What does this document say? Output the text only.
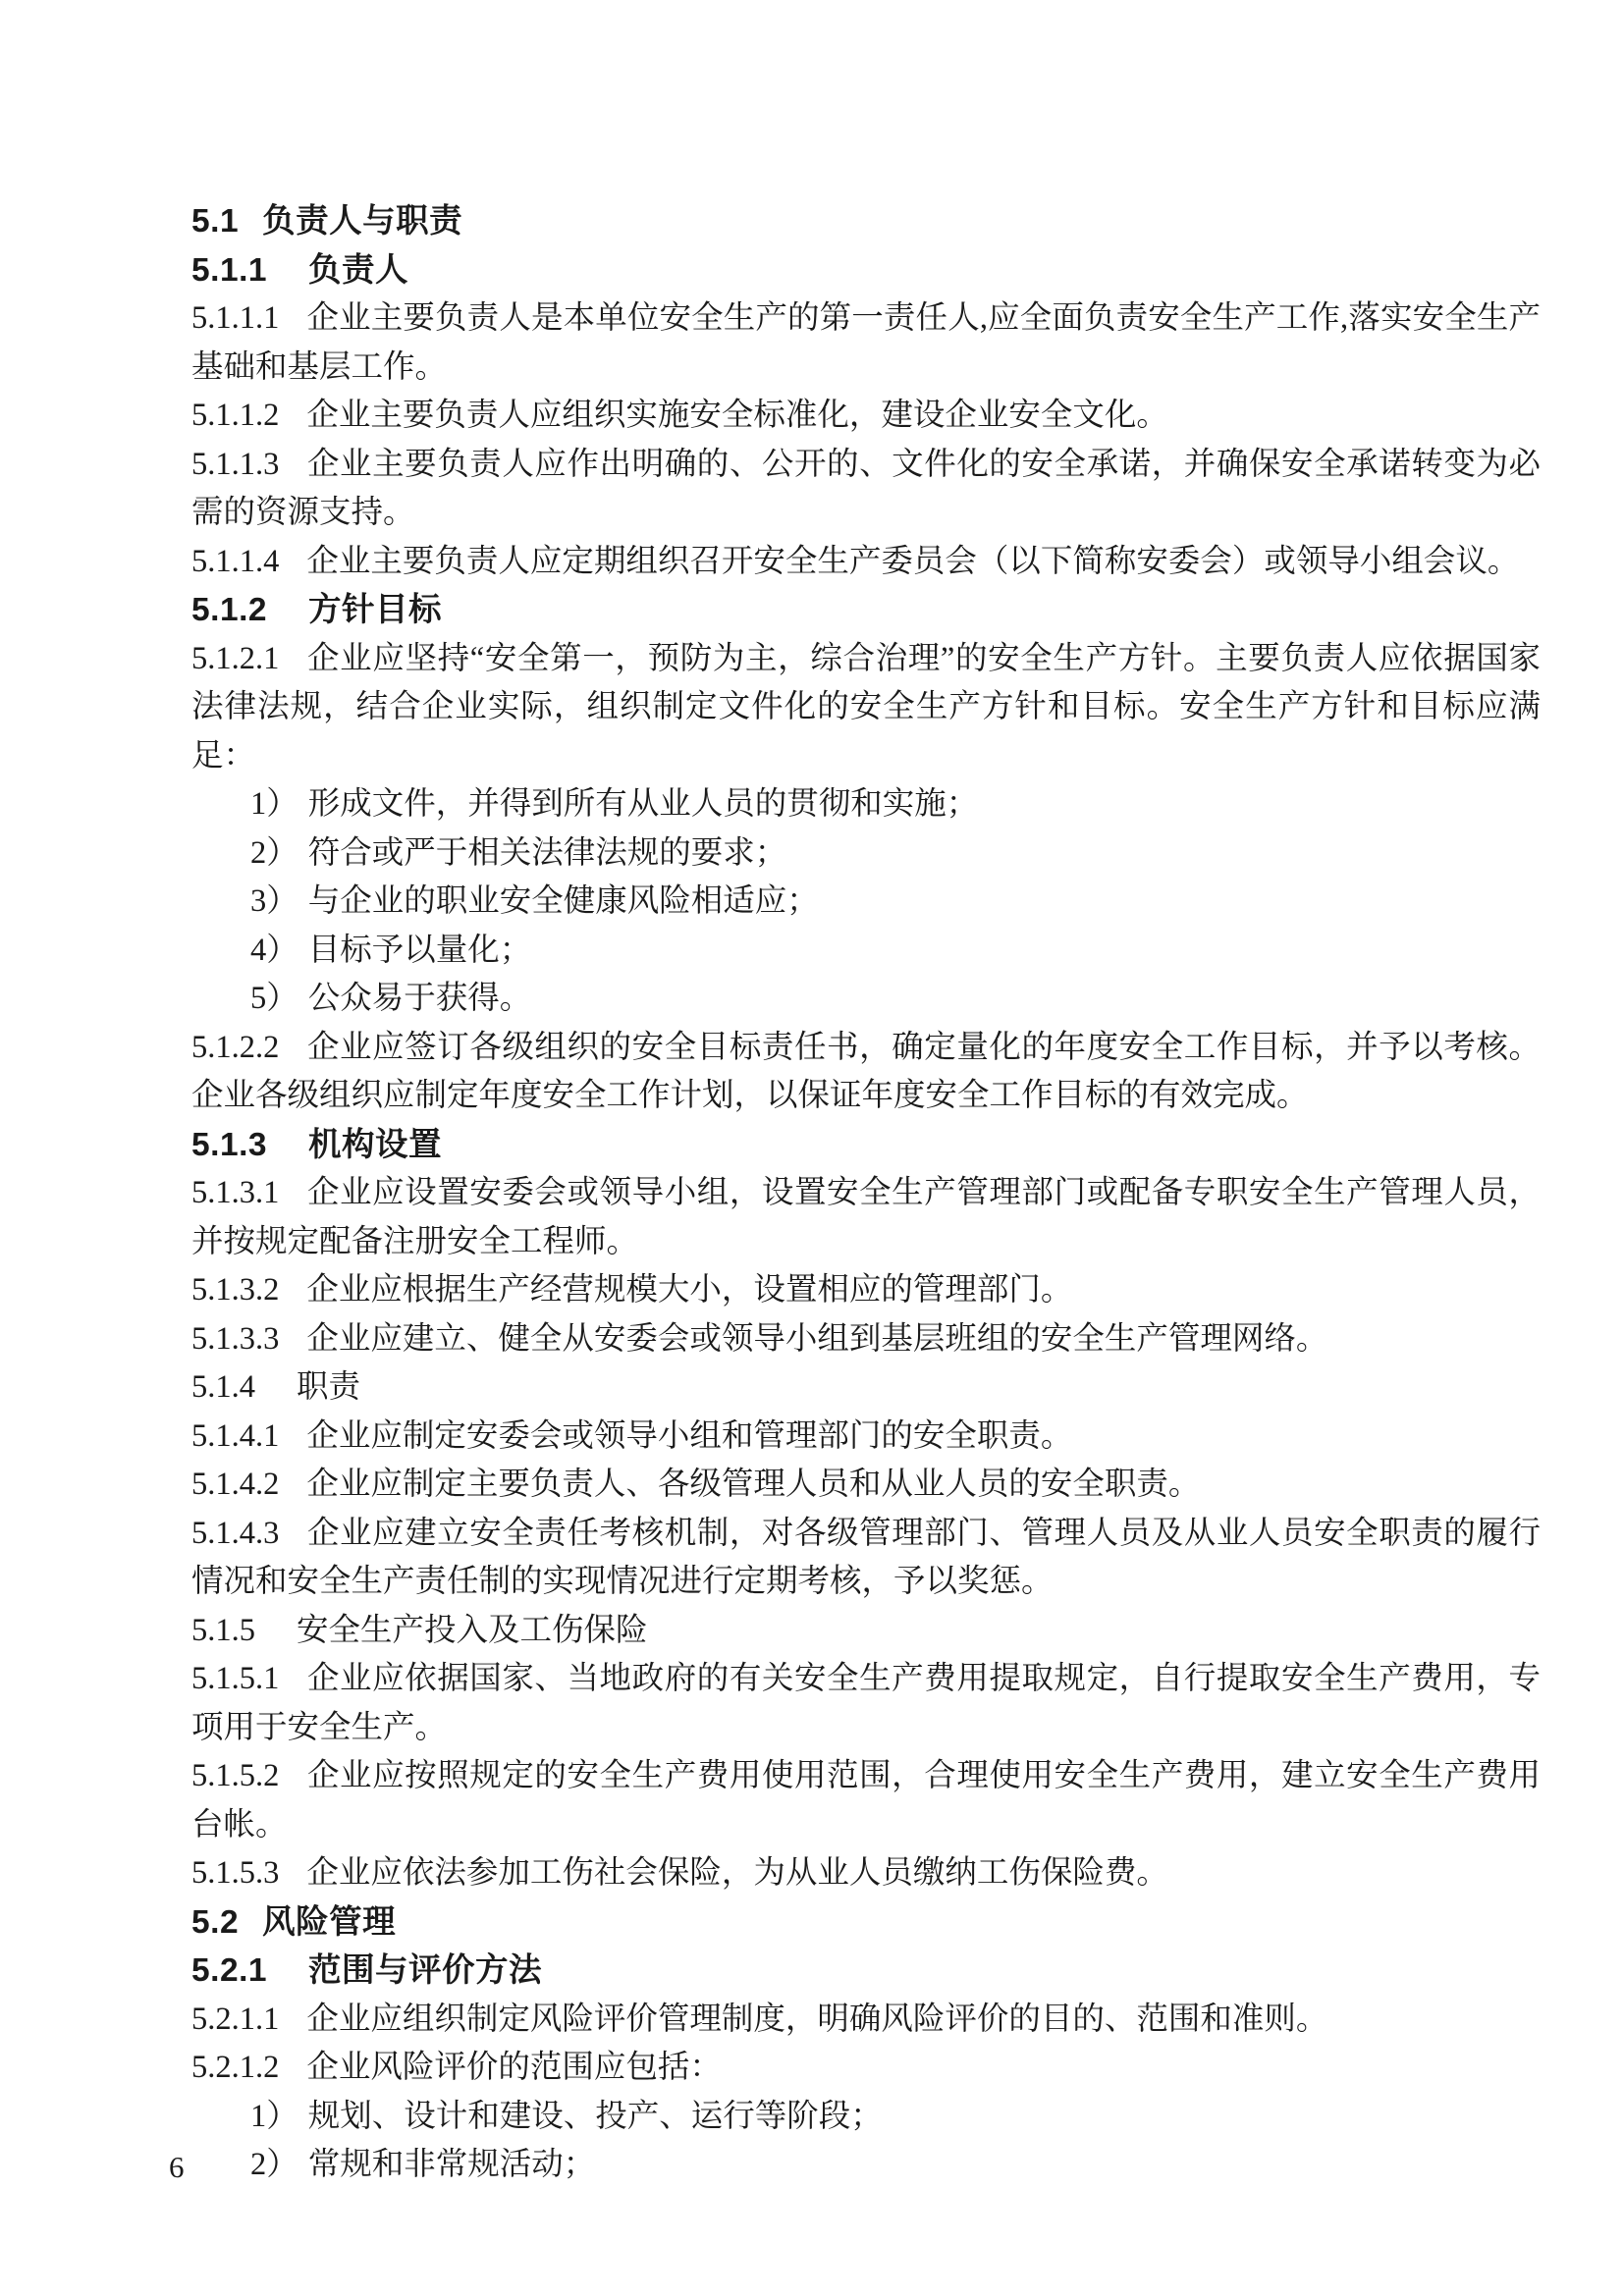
5.1 负责人与职责
5.1.1 负责人
5.1.1.1 企业主要负责人是本单位安全生产的第一责任人,应全面负责安全生产工作,落实安全生产基础和基层工作。
5.1.1.2 企业主要负责人应组织实施安全标准化，建设企业安全文化。
5.1.1.3 企业主要负责人应作出明确的、公开的、文件化的安全承诺，并确保安全承诺转变为必需的资源支持。
5.1.1.4 企业主要负责人应定期组织召开安全生产委员会（以下简称安委会）或领导小组会议。
5.1.2 方针目标
5.1.2.1 企业应坚持“安全第一，预防为主，综合治理”的安全生产方针。主要负责人应依据国家法律法规，结合企业实际，组织制定文件化的安全生产方针和目标。安全生产方针和目标应满足：
1） 形成文件，并得到所有从业人员的贯彻和实施；
2） 符合或严于相关法律法规的要求；
3） 与企业的职业安全健康风险相适应；
4） 目标予以量化；
5） 公众易于获得。
5.1.2.2 企业应签订各级组织的安全目标责任书，确定量化的年度安全工作目标，并予以考核。企业各级组织应制定年度安全工作计划，以保证年度安全工作目标的有效完成。
5.1.3 机构设置
5.1.3.1 企业应设置安委会或领导小组，设置安全生产管理部门或配备专职安全生产管理人员，并按规定配备注册安全工程师。
5.1.3.2 企业应根据生产经营规模大小，设置相应的管理部门。
5.1.3.3 企业应建立、健全从安委会或领导小组到基层班组的安全生产管理网络。
5.1.4 职责
5.1.4.1 企业应制定安委会或领导小组和管理部门的安全职责。
5.1.4.2 企业应制定主要负责人、各级管理人员和从业人员的安全职责。
5.1.4.3 企业应建立安全责任考核机制，对各级管理部门、管理人员及从业人员安全职责的履行情况和安全生产责任制的实现情况进行定期考核，予以奖惩。
5.1.5 安全生产投入及工伤保险
5.1.5.1 企业应依据国家、当地政府的有关安全生产费用提取规定，自行提取安全生产费用，专项用于安全生产。
5.1.5.2 企业应按照规定的安全生产费用使用范围，合理使用安全生产费用，建立安全生产费用台帐。
5.1.5.3 企业应依法参加工伤社会保险，为从业人员缴纳工伤保险费。
5.2 风险管理
5.2.1 范围与评价方法
5.2.1.1 企业应组织制定风险评价管理制度，明确风险评价的目的、范围和准则。
5.2.1.2 企业风险评价的范围应包括：
1） 规划、设计和建设、投产、运行等阶段；
2） 常规和非常规活动；
6
